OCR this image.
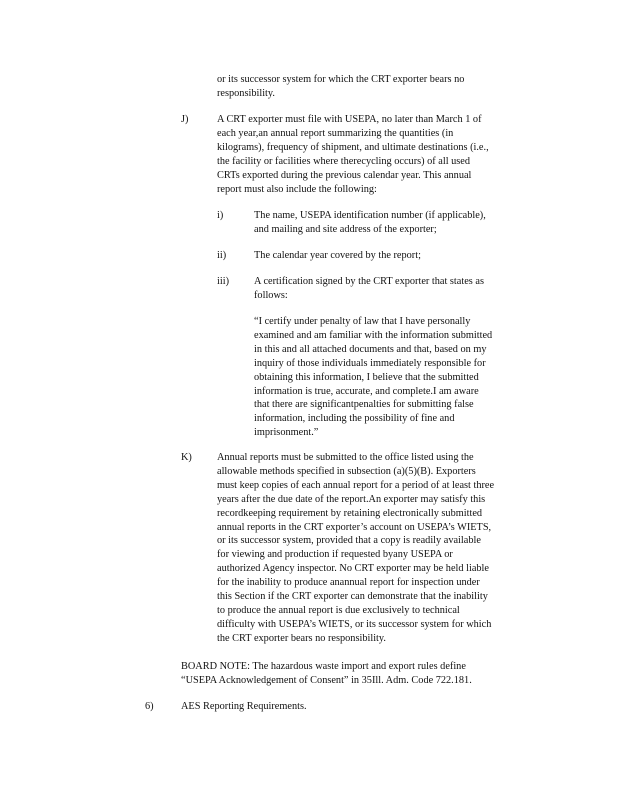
or its successor system for which the CRT exporter bears no
responsibility.
J)	A CRT exporter must file with USEPA, no later than March 1 of
each year,an annual report summarizing the quantities (in
kilograms), frequency of shipment, and ultimate destinations (i.e.,
the facility or facilities where therecycling occurs) of all used
CRTs exported during the previous calendar year. This annual
report must also include the following:
i)	The name, USEPA identification number (if applicable),
and mailing and site address of the exporter;
ii)	The calendar year covered by the report;
iii) A certification signed by the CRT exporter that states as
follows:
“I certify under penalty of law that I have personally
examined and am familiar with the information submitted
in this and all attached documents and that, based on my
inquiry of those individuals immediately responsible for
obtaining this information, I believe that the submitted
information is true, accurate, and complete.I am aware
that there are significantpenalties for submitting false
information, including the possibility of fine and
imprisonment.”
K) Annual reports must be submitted to the office listed using the
allowable methods specified in subsection (a)(5)(B). Exporters
must keep copies of each annual report for a period of at least three
years after the due date of the report.An exporter may satisfy this
recordkeeping requirement by retaining electronically submitted
annual reports in the CRT exporter’s account on USEPA’s WIETS,
or its successor system, provided that a copy is readily available
for viewing and production if requested byany USEPA or
authorized Agency inspector. No CRT exporter may be held liable
for the inability to produce anannual report for inspection under
this Section if the CRT exporter can demonstrate that the inability
to produce the annual report is due exclusively to technical
difficulty with USEPA’s WIETS, or its successor system for which
the CRT exporter bears no responsibility.
BOARD NOTE: The hazardous waste import and export rules define
“USEPA Acknowledgement of Consent” in 35Ill. Adm. Code 722.181.
6)	AES Reporting Requirements.
